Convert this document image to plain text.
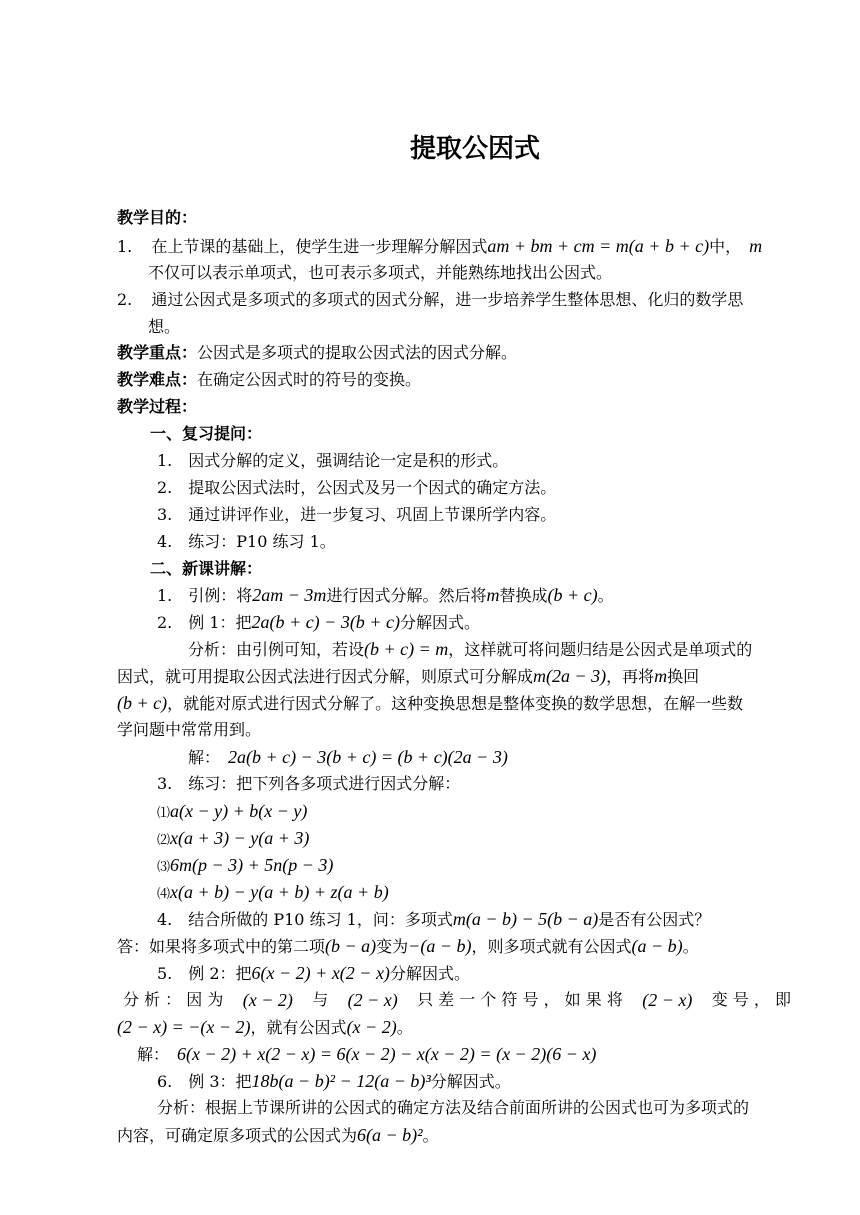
提取公因式
教学目的：
1. 在上节课的基础上，使学生进一步理解分解因式am + bm + cm = m(a + b + c)中， m
不仅可以表示单项式，也可表示多项式，并能熟练地找出公因式。
2. 通过公因式是多项式的多项式的因式分解，进一步培养学生整体思想、化归的数学思
想。
教学重点：公因式是多项式的提取公因式法的因式分解。
教学难点：在确定公因式时的符号的变换。
教学过程：
一、复习提问：
1.　因式分解的定义，强调结论一定是积的形式。
2.　提取公因式法时，公因式及另一个因式的确定方法。
3.　通过讲评作业，进一步复习、巩固上节课所学内容。
4.　练习：P10 练习 1。
二、新课讲解：
1.　引例：将2am − 3m进行因式分解。然后将m替换成(b + c)。
2.　例 1：把2a(b + c) − 3(b + c)分解因式。
分析：由引例可知，若设(b + c) = m，这样就可将问题归结是公因式是单项式的
因式，就可用提取公因式法进行因式分解，则原式可分解成m(2a − 3)，再将m换回
(b + c)，就能对原式进行因式分解了。这种变换思想是整体变换的数学思想，在解一些数
学问题中常常用到。
解： 2a(b + c) − 3(b + c) = (b + c)(2a − 3)
3.　练习：把下列各多项式进行因式分解：
⑴a(x − y) + b(x − y)
⑵x(a + 3) − y(a + 3)
⑶6m(p − 3) + 5n(p − 3)
⑷x(a + b) − y(a + b) + z(a + b)
4.　结合所做的 P10 练习 1，问：多项式m(a − b) − 5(b − a)是否有公因式？
答：如果将多项式中的第二项(b − a)变为−(a − b)，则多项式就有公因式(a − b)。
5.　例 2：把6(x − 2) + x(2 − x)分解因式。
分 析 ： 因 为 (x − 2) 与 (2 − x) 只 差 一 个 符 号 ， 如 果 将 (2 − x) 变 号 ， 即
(2 − x) = −(x − 2)，就有公因式(x − 2)。
解： 6(x − 2) + x(2 − x) = 6(x − 2) − x(x − 2) = (x − 2)(6 − x)
6.　例 3：把18b(a − b)² − 12(a − b)³分解因式。
分析：根据上节课所讲的公因式的确定方法及结合前面所讲的公因式也可为多项式的
内容，可确定原多项式的公因式为6(a − b)²。
